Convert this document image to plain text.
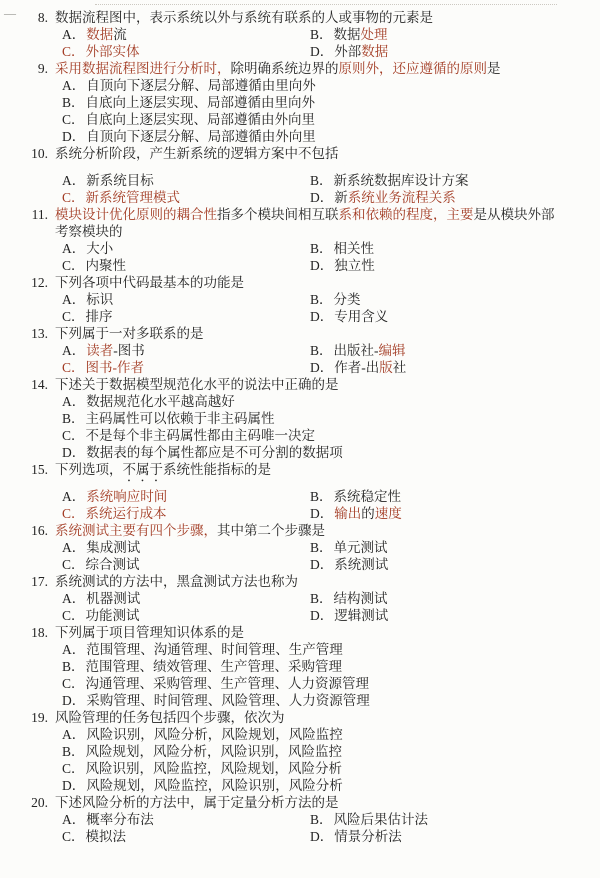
—	8. 数据流程图中，表示系统以外与系统有联系的人或事物的元素是
A． 数据流	B． 数据处理
C． 外部实体	D． 外部数据
9. 采用数据流程图进行分析时，除明确系统边界的原则外，还应遵循的原则是
A． 自顶向下逐层分解、局部遵循由里向外
B． 自底向上逐层实现、局部遵循由里向外
C． 自底向上逐层实现、局部遵循由外向里
D． 自顶向下逐层分解、局部遵循由外向里
10. 系统分析阶段，产生新系统的逻辑方案中不包括
A． 新系统目标	B． 新系统数据库设计方案
C． 新系统管理模式	D． 新系统业务流程关系
11. 模块设计优化原则的耦合性指多个模块间相互联系和依赖的程度，主要是从模块外部
考察模块的
A． 大小	B． 相关性
C． 内聚性	D． 独立性
12. 下列各项中代码最基本的功能是
A． 标识	B． 分类
C． 排序	D． 专用含义
13. 下列属于一对多联系的是
A． 读者-图书	B． 出版社-编辑
C． 图书-作者	D． 作者-出版社
14. 下述关于数据模型规范化水平的说法中正确的是
A． 数据规范化水平越高越好
B． 主码属性可以依赖于非主码属性
C． 不是每个非主码属性都由主码唯一决定
D． 数据表的每个属性都应是不可分割的数据项
15. 下列选项，不属于系统性能指标的是
A． 系统响应时间	B． 系统稳定性
C． 系统运行成本	D． 输出的速度
16. 系统测试主要有四个步骤，其中第二个步骤是
A． 集成测试	B． 单元测试
C． 综合测试	D． 系统测试
17. 系统测试的方法中，黑盒测试方法也称为
A． 机器测试	B． 结构测试
C． 功能测试	D． 逻辑测试
18. 下列属于项目管理知识体系的是
A． 范围管理、沟通管理、时间管理、生产管理
B． 范围管理、绩效管理、生产管理、采购管理
C． 沟通管理、采购管理、生产管理、人力资源管理
D． 采购管理、时间管理、风险管理、人力资源管理
19. 风险管理的任务包括四个步骤，依次为
A． 风险识别，风险分析，风险规划，风险监控
B． 风险规划，风险分析，风险识别，风险监控
C． 风险识别，风险监控，风险规划，风险分析
D． 风险规划，风险监控，风险识别，风险分析
20. 下述风险分析的方法中，属于定量分析方法的是
A． 概率分布法	B． 风险后果估计法
C． 模拟法	D． 情景分析法
